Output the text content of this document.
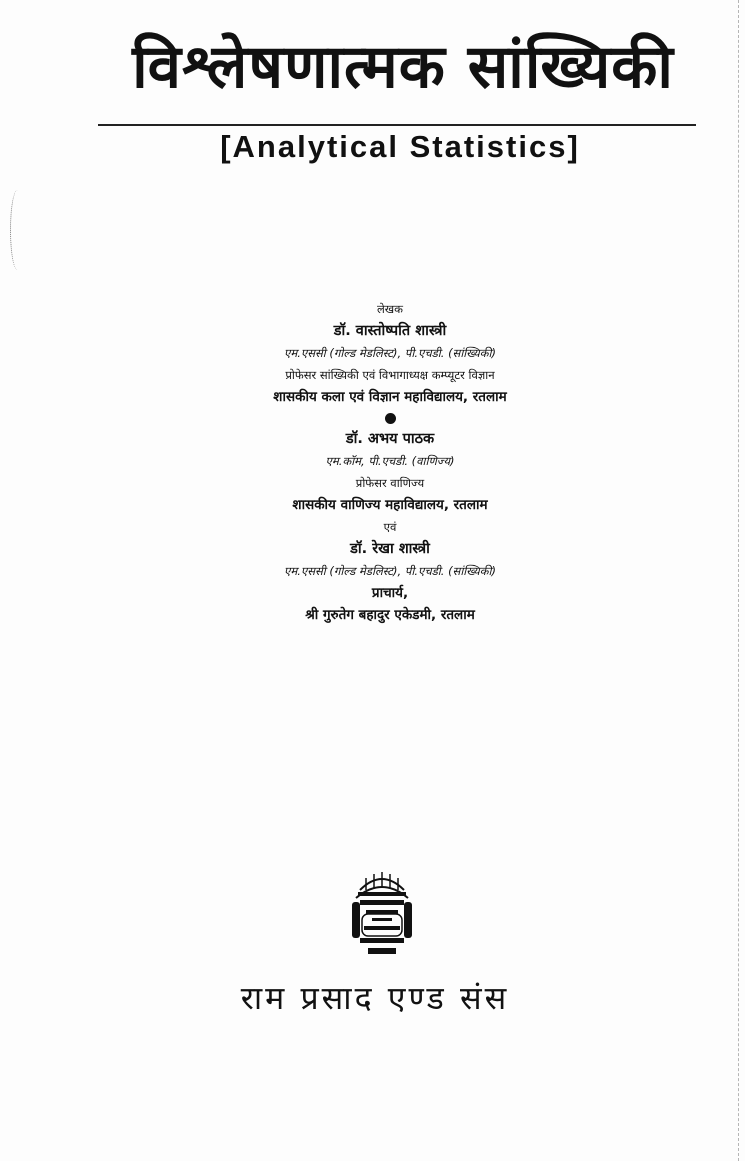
विश्लेषणात्मक सांख्यिकी
[Analytical Statistics]
लेखक
डॉ. वास्तोष्पति शास्त्री
एम.एससी (गोल्ड मेडलिस्ट), पी.एचडी. (सांख्यिकी)
प्रोफेसर सांख्यिकी एवं विभागाध्यक्ष कम्प्यूटर विज्ञान
शासकीय कला एवं विज्ञान महाविद्यालय, रतलाम
डॉ. अभय पाठक
एम.कॉम, पी.एचडी. (वाणिज्य)
प्रोफेसर वाणिज्य
शासकीय वाणिज्य महाविद्यालय, रतलाम
एवं
डॉ. रेखा शास्त्री
एम.एससी (गोल्ड मेडलिस्ट), पी.एचडी. (सांख्यिकी)
प्राचार्य,
श्री गुरुतेग बहादुर एकेडमी, रतलाम
राम प्रसाद एण्ड संस
